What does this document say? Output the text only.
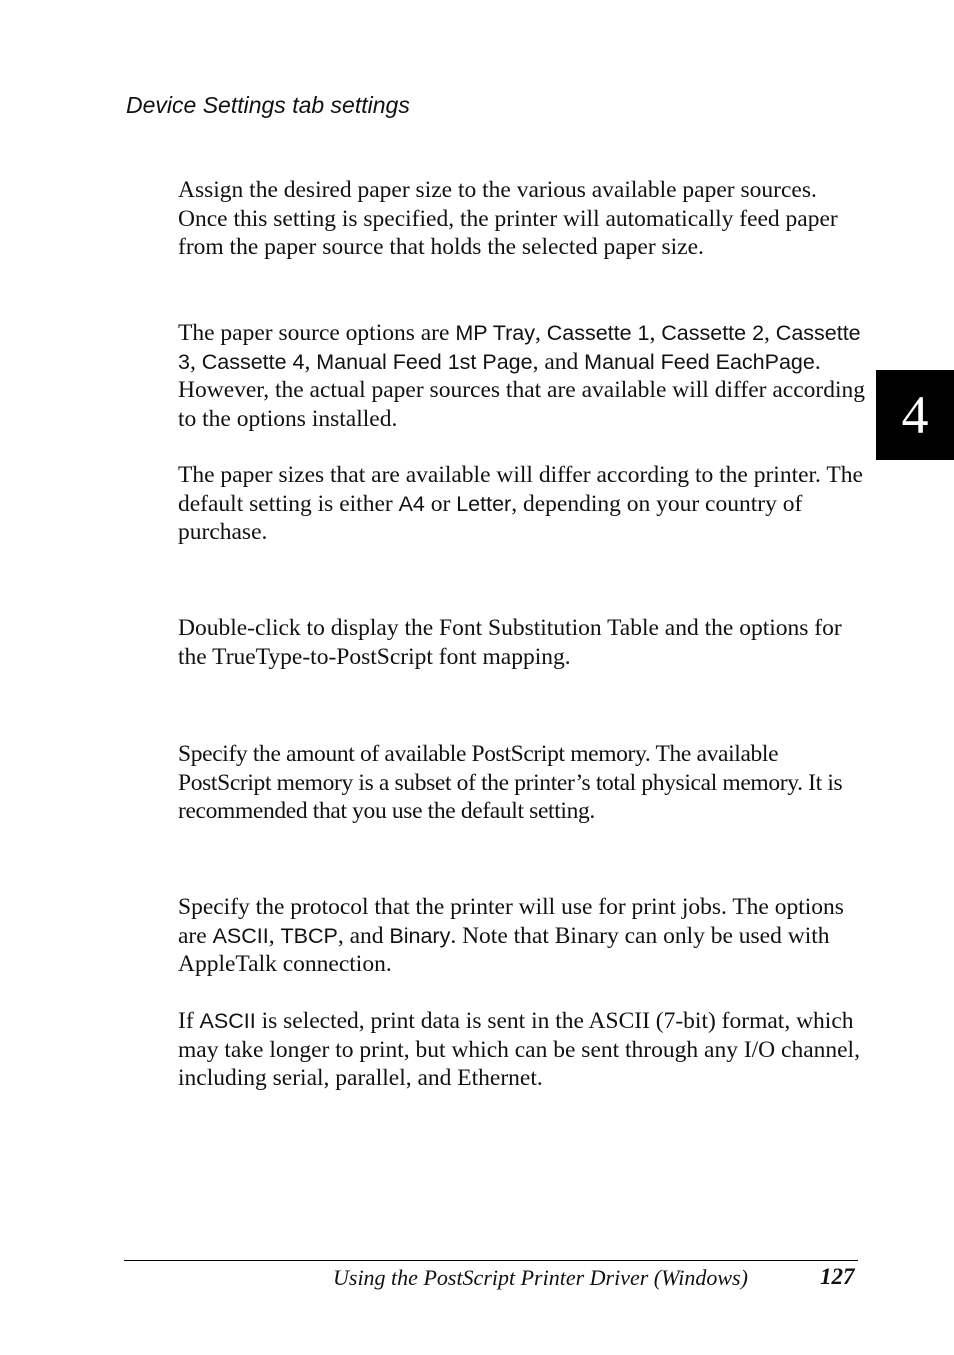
Device Settings tab settings
4

Assign the desired paper size to the various available paper sources. Once this setting is specified, the printer will automatically feed paper from the paper source that holds the selected paper size.

The paper source options are MP Tray, Cassette 1, Cassette 2, Cassette 3, Cassette 4, Manual Feed 1st Page, and Manual Feed EachPage. However, the actual paper sources that are available will differ according to the options installed.

The paper sizes that are available will differ according to the printer. The default setting is either A4 or Letter, depending on your country of purchase.

Double-click to display the Font Substitution Table and the options for the TrueType-to-PostScript font mapping.

Specify the amount of available PostScript memory. The available PostScript memory is a subset of the printer’s total physical memory. It is recommended that you use the default setting.

Specify the protocol that the printer will use for print jobs. The options are ASCII, TBCP, and Binary. Note that Binary can only be used with AppleTalk connection.

If ASCII is selected, print data is sent in the ASCII (7-bit) format, which may take longer to print, but which can be sent through any I/O channel, including serial, parallel, and Ethernet.

Using the PostScript Printer Driver (Windows)	127
